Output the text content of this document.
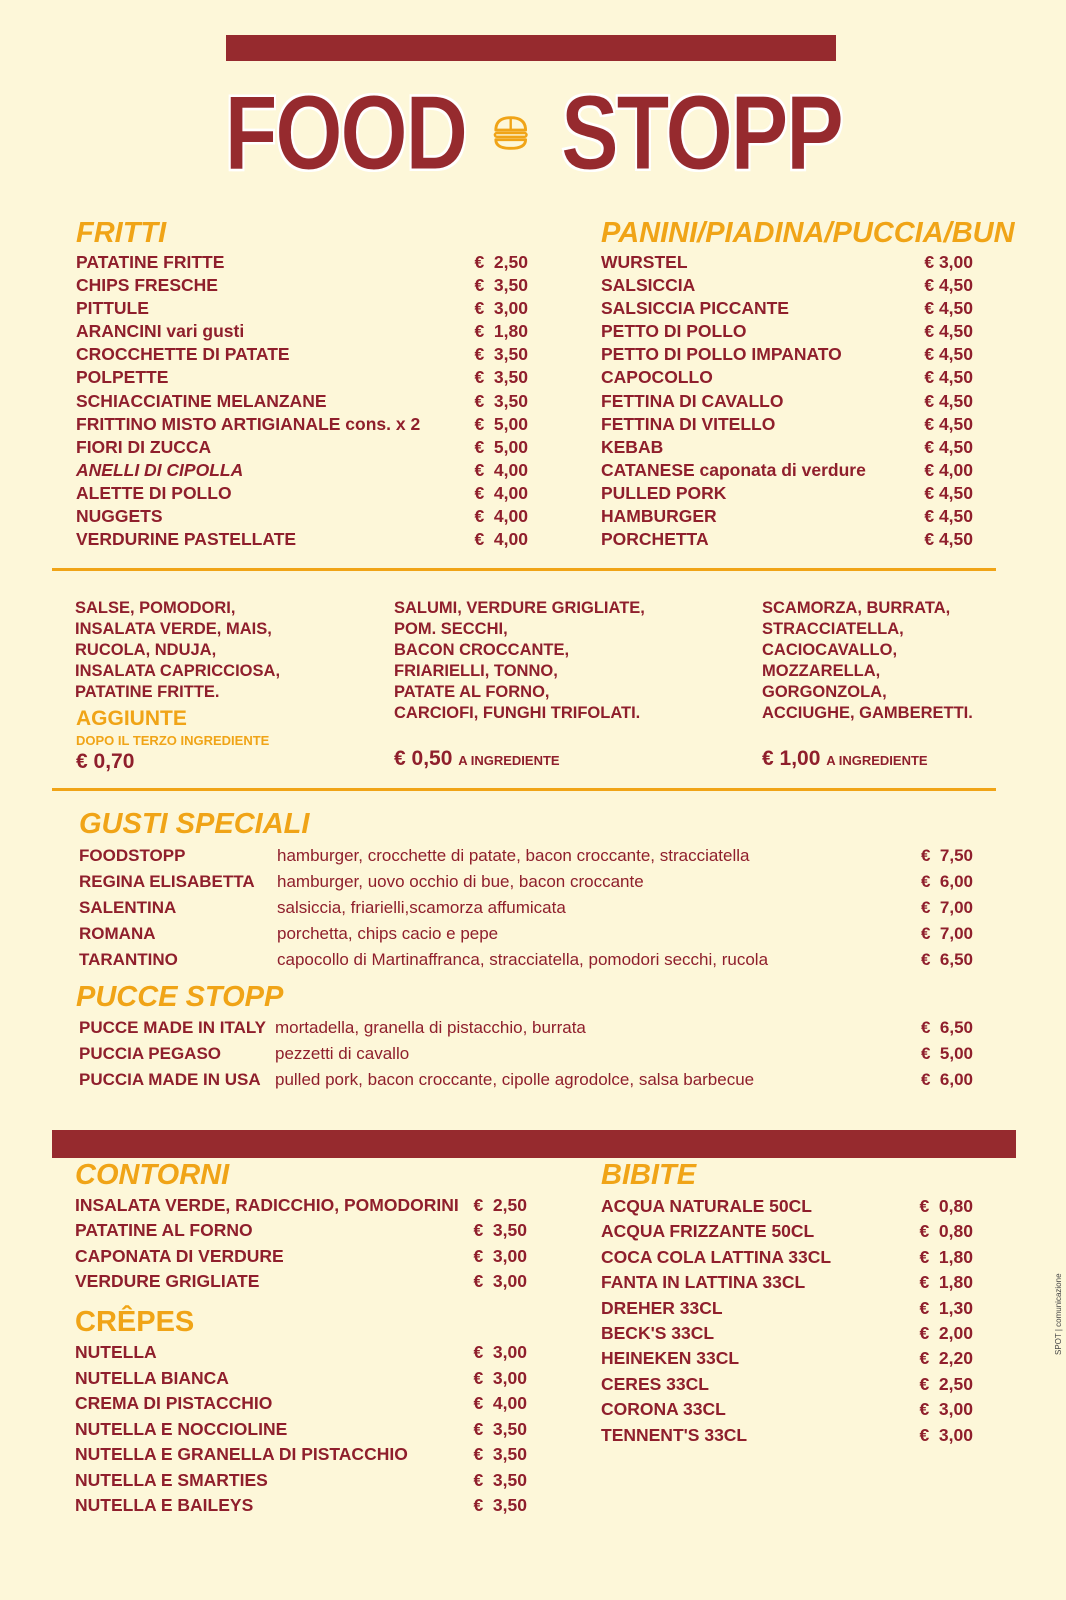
FOOD STOPP
FRITTI
PATATINE FRITTE	€  2,50
CHIPS FRESCHE	€  3,50
PITTULE	€  3,00
ARANCINI vari gusti	€  1,80
CROCCHETTE DI PATATE	€  3,50
POLPETTE	€  3,50
SCHIACCIATINE MELANZANE	€  3,50
FRITTINO MISTO ARTIGIANALE cons. x 2	€  5,00
FIORI DI ZUCCA	€  5,00
ANELLI DI CIPOLLA	€  4,00
ALETTE DI POLLO	€  4,00
NUGGETS	€  4,00
VERDURINE PASTELLATE	€  4,00
PANINI/PIADINA/PUCCIA/BUN
WURSTEL	€ 3,00
SALSICCIA	€ 4,50
SALSICCIA PICCANTE	€ 4,50
PETTO DI POLLO	€ 4,50
PETTO DI POLLO IMPANATO	€ 4,50
CAPOCOLLO	€ 4,50
FETTINA DI CAVALLO	€ 4,50
FETTINA DI VITELLO	€ 4,50
KEBAB	€ 4,50
CATANESE caponata di verdure	€ 4,00
PULLED PORK	€ 4,50
HAMBURGER	€ 4,50
PORCHETTA	€ 4,50
SALSE, POMODORI,
INSALATA VERDE, MAIS,
RUCOLA, NDUJA,
INSALATA CAPRICCIOSA,
PATATINE FRITTE.
AGGIUNTE
DOPO IL TERZO INGREDIENTE
€ 0,70
SALUMI, VERDURE GRIGLIATE,
POM. SECCHI,
BACON CROCCANTE,
FRIARIELLI, TONNO,
PATATE AL FORNO,
CARCIOFI, FUNGHI TRIFOLATI.
€ 0,50 A INGREDIENTE
SCAMORZA, BURRATA,
STRACCIATELLA,
CACIOCAVALLO,
MOZZARELLA,
GORGONZOLA,
ACCIUGHE, GAMBERETTI.
€ 1,00 A INGREDIENTE
GUSTI SPECIALI
FOODSTOPP	hamburger, crocchette di patate, bacon croccante, stracciatella	€  7,50
REGINA ELISABETTA	hamburger, uovo occhio di bue, bacon croccante	€  6,00
SALENTINA	salsiccia, friarielli,scamorza affumicata	€  7,00
ROMANA	porchetta, chips cacio e pepe	€  7,00
TARANTINO	capocollo di Martinaffranca, stracciatella, pomodori secchi, rucola	€  6,50
PUCCE STOPP
PUCCE MADE IN ITALY mortadella, granella di pistacchio, burrata	€  6,50
PUCCIA PEGASO	pezzetti di cavallo	€  5,00
PUCCIA MADE IN USA pulled pork, bacon croccante, cipolle agrodolce, salsa barbecue	€  6,00
CONTORNI
INSALATA VERDE, RADICCHIO, POMODORINI €  2,50
PATATINE AL FORNO	€  3,50
CAPONATA DI VERDURE	€  3,00
VERDURE GRIGLIATE	€  3,00
CRÊPES
NUTELLA	€  3,00
NUTELLA BIANCA	€  3,00
CREMA DI PISTACCHIO	€  4,00
NUTELLA E NOCCIOLINE	€  3,50
NUTELLA E GRANELLA DI PISTACCHIO	€  3,50
NUTELLA E SMARTIES	€  3,50
NUTELLA E BAILEYS	€  3,50
BIBITE
ACQUA NATURALE 50CL	€  0,80
ACQUA FRIZZANTE 50CL	€  0,80
COCA COLA LATTINA 33CL	€  1,80
FANTA IN LATTINA 33CL	€  1,80
DREHER 33CL	€  1,30
BECK'S 33CL	€  2,00
HEINEKEN 33CL	€  2,20
CERES 33CL	€  2,50
CORONA 33CL	€  3,00
TENNENT'S 33CL	€  3,00
SPOT | comunicazione
